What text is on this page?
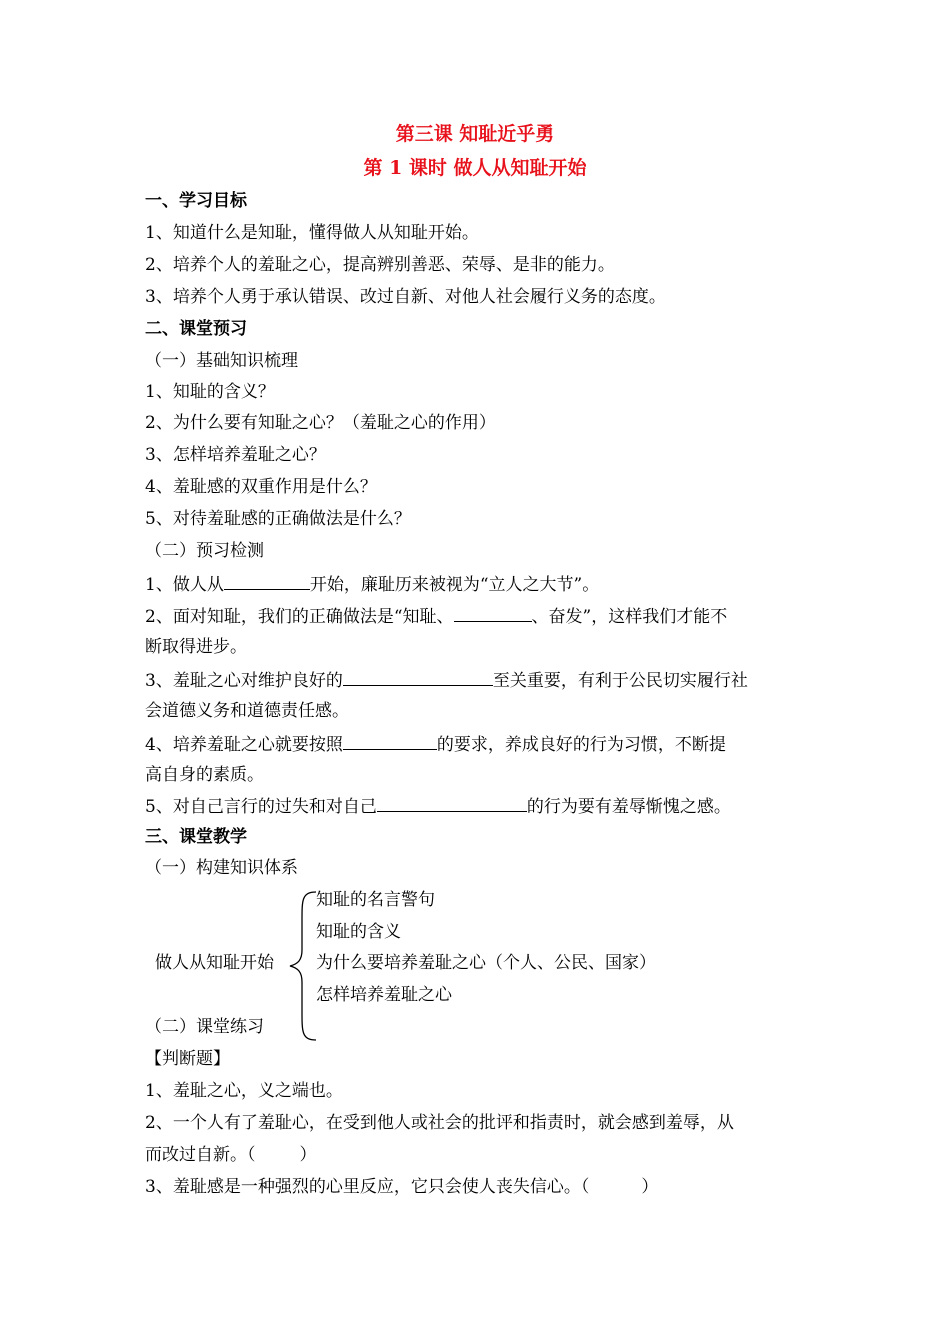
第三课 知耻近乎勇
第 1 课时 做人从知耻开始
一、学习目标
1、知道什么是知耻，懂得做人从知耻开始。
2、培养个人的羞耻之心，提高辨别善恶、荣辱、是非的能力。
3、培养个人勇于承认错误、改过自新、对他人社会履行义务的态度。
二、课堂预习
（一）基础知识梳理
1、知耻的含义？
2、为什么要有知耻之心？（羞耻之心的作用）
3、怎样培养羞耻之心？
4、羞耻感的双重作用是什么？
5、对待羞耻感的正确做法是什么？
（二）预习检测
1、做人从	开始，廉耻历来被视为“立人之大节”。
2、面对知耻，我们的正确做法是“知耻、	、奋发”，这样我们才能不
断取得进步。
3、羞耻之心对维护良好的	至关重要，有利于公民切实履行社
会道德义务和道德责任感。
4、培养羞耻之心就要按照	的要求，养成良好的行为习惯，不断提
高自身的素质。
5、对自己言行的过失和对自己	的行为要有羞辱惭愧之感。
三、课堂教学
（一）构建知识体系
做人从知耻开始
知耻的名言警句
知耻的含义
为什么要培养羞耻之心（个人、公民、国家）
怎样培养羞耻之心
（二）课堂练习
【判断题】
1、羞耻之心，义之端也。
2、一个人有了羞耻心，在受到他人或社会的批评和指责时，就会感到羞辱，从
而改过自新。（	）
3、羞耻感是一种强烈的心里反应，它只会使人丧失信心。（	）
